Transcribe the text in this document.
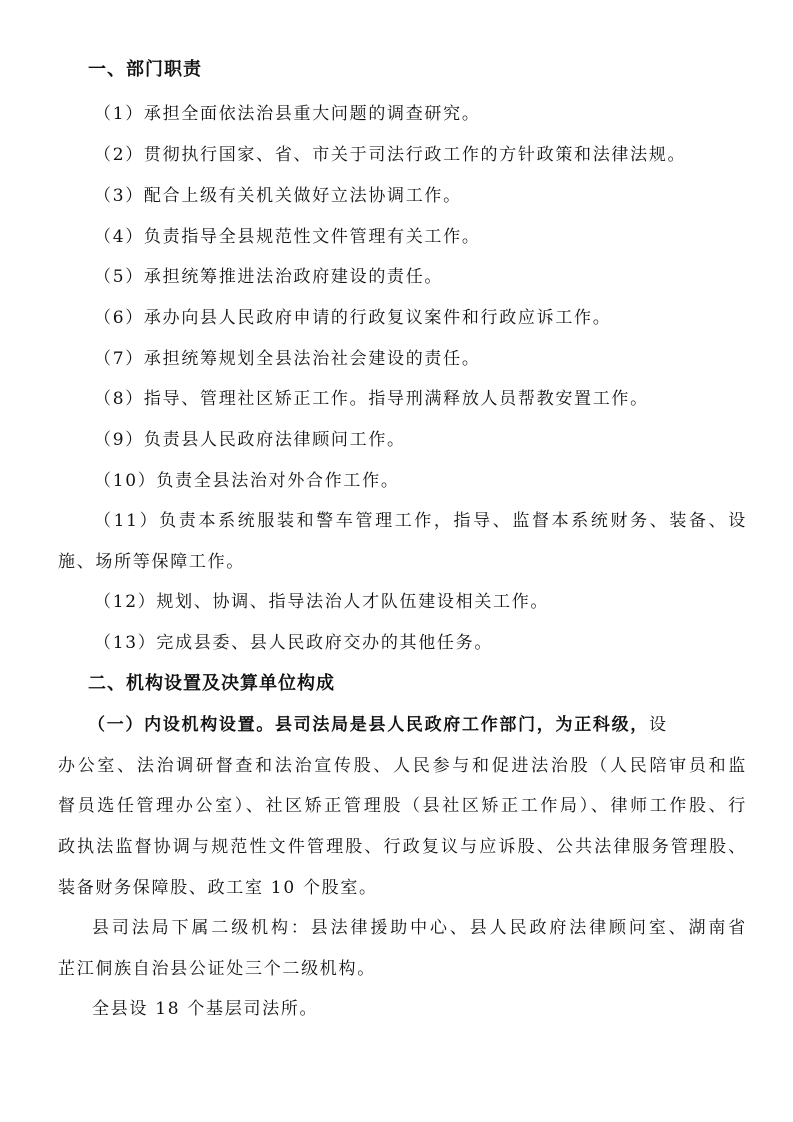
一、部门职责
（1）承担全面依法治县重大问题的调查研究。
（2）贯彻执行国家、省、市关于司法行政工作的方针政策和法律法规。
（3）配合上级有关机关做好立法协调工作。
（4）负责指导全县规范性文件管理有关工作。
（5）承担统筹推进法治政府建设的责任。
（6）承办向县人民政府申请的行政复议案件和行政应诉工作。
（7）承担统筹规划全县法治社会建设的责任。
（8）指导、管理社区矫正工作。指导刑满释放人员帮教安置工作。
（9）负责县人民政府法律顾问工作。
（10）负责全县法治对外合作工作。
（11）负责本系统服装和警车管理工作，指导、监督本系统财务、装备、设
施、场所等保障工作。
（12）规划、协调、指导法治人才队伍建设相关工作。
（13）完成县委、县人民政府交办的其他任务。
二、机构设置及决算单位构成
（一）内设机构设置。县司法局是县人民政府工作部门，为正科级，设
办公室、法治调研督查和法治宣传股、人民参与和促进法治股（人民陪审员和监
督员选任管理办公室）、社区矫正管理股（县社区矫正工作局）、律师工作股、行
政执法监督协调与规范性文件管理股、行政复议与应诉股、公共法律服务管理股、
装备财务保障股、政工室 10 个股室。
县司法局下属二级机构：县法律援助中心、县人民政府法律顾问室、湖南省
芷江侗族自治县公证处三个二级机构。
全县设 18 个基层司法所。
